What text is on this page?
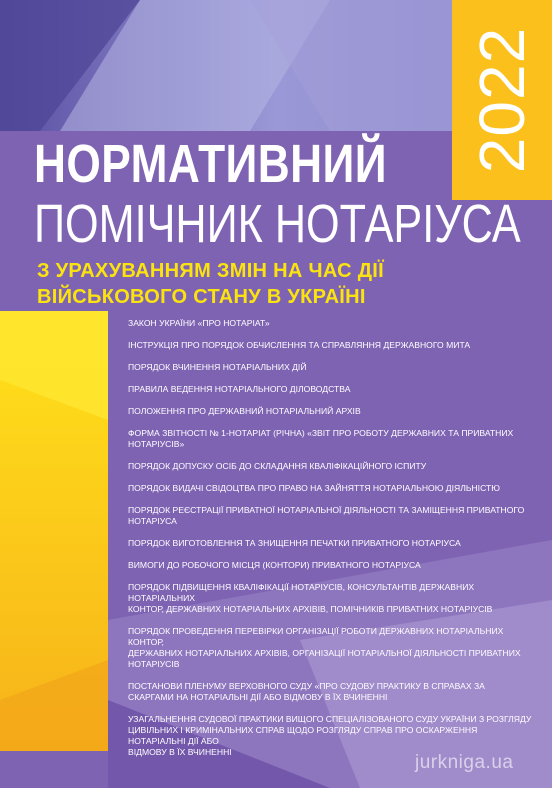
2022
НОРМАТИВНИЙ
ПОМІЧНИК НОТАРІУСА
З УРАХУВАННЯМ ЗМІН НА ЧАС ДІЇ
ВІЙСЬКОВОГО СТАНУ В УКРАЇНІ
ЗАКОН УКРАЇНИ «ПРО НОТАРІАТ»
ІНСТРУКЦІЯ ПРО ПОРЯДОК ОБЧИСЛЕННЯ ТА СПРАВЛЯННЯ ДЕРЖАВНОГО МИТА
ПОРЯДОК ВЧИНЕННЯ НОТАРІАЛЬНИХ ДІЙ
ПРАВИЛА ВЕДЕННЯ НОТАРІАЛЬНОГО ДІЛОВОДСТВА
ПОЛОЖЕННЯ ПРО ДЕРЖАВНИЙ НОТАРІАЛЬНИЙ АРХІВ
ФОРМА ЗВІТНОСТІ № 1-НОТАРІАТ (РІЧНА) «ЗВІТ ПРО РОБОТУ ДЕРЖАВНИХ ТА ПРИВАТНИХ НОТАРІУСІВ»
ПОРЯДОК ДОПУСКУ ОСІБ ДО СКЛАДАННЯ КВАЛІФІКАЦІЙНОГО ІСПИТУ
ПОРЯДОК ВИДАЧІ СВІДОЦТВА ПРО ПРАВО НА ЗАЙНЯТТЯ НОТАРІАЛЬНОЮ ДІЯЛЬНІСТЮ
ПОРЯДОК РЕЄСТРАЦІЇ ПРИВАТНОЇ НОТАРІАЛЬНОЇ ДІЯЛЬНОСТІ ТА ЗАМІЩЕННЯ ПРИВАТНОГО НОТАРІУСА
ПОРЯДОК ВИГОТОВЛЕННЯ ТА ЗНИЩЕННЯ ПЕЧАТКИ ПРИВАТНОГО НОТАРІУСА
ВИМОГИ ДО РОБОЧОГО МІСЦЯ (КОНТОРИ) ПРИВАТНОГО НОТАРІУСА
ПОРЯДОК ПІДВИЩЕННЯ КВАЛІФІКАЦІЇ НОТАРІУСІВ, КОНСУЛЬТАНТІВ ДЕРЖАВНИХ НОТАРІАЛЬНИХ
КОНТОР, ДЕРЖАВНИХ НОТАРІАЛЬНИХ АРХІВІВ, ПОМІЧНИКІВ ПРИВАТНИХ НОТАРІУСІВ
ПОРЯДОК ПРОВЕДЕННЯ ПЕРЕВІРКИ ОРГАНІЗАЦІЇ РОБОТИ ДЕРЖАВНИХ НОТАРІАЛЬНИХ КОНТОР,
ДЕРЖАВНИХ НОТАРІАЛЬНИХ АРХІВІВ, ОРГАНІЗАЦІЇ НОТАРІАЛЬНОЇ ДІЯЛЬНОСТІ ПРИВАТНИХ НОТАРІУСІВ
ПОСТАНОВИ ПЛЕНУМУ ВЕРХОВНОГО СУДУ «ПРО СУДОВУ ПРАКТИКУ В СПРАВАХ ЗА
СКАРГАМИ НА НОТАРІАЛЬНІ ДІЇ АБО ВІДМОВУ В ЇХ ВЧИНЕННІ
УЗАГАЛЬНЕННЯ СУДОВОЇ ПРАКТИКИ ВИЩОГО СПЕЦІАЛІЗОВАНОГО СУДУ УКРАЇНИ З РОЗГЛЯДУ
ЦИВІЛЬНИХ І КРИМІНАЛЬНИХ СПРАВ ЩОДО РОЗГЛЯДУ СПРАВ ПРО ОСКАРЖЕННЯ НОТАРІАЛЬНІ ДІЇ АБО
ВІДМОВУ В ЇХ ВЧИНЕННІ	jurkniga.ua
